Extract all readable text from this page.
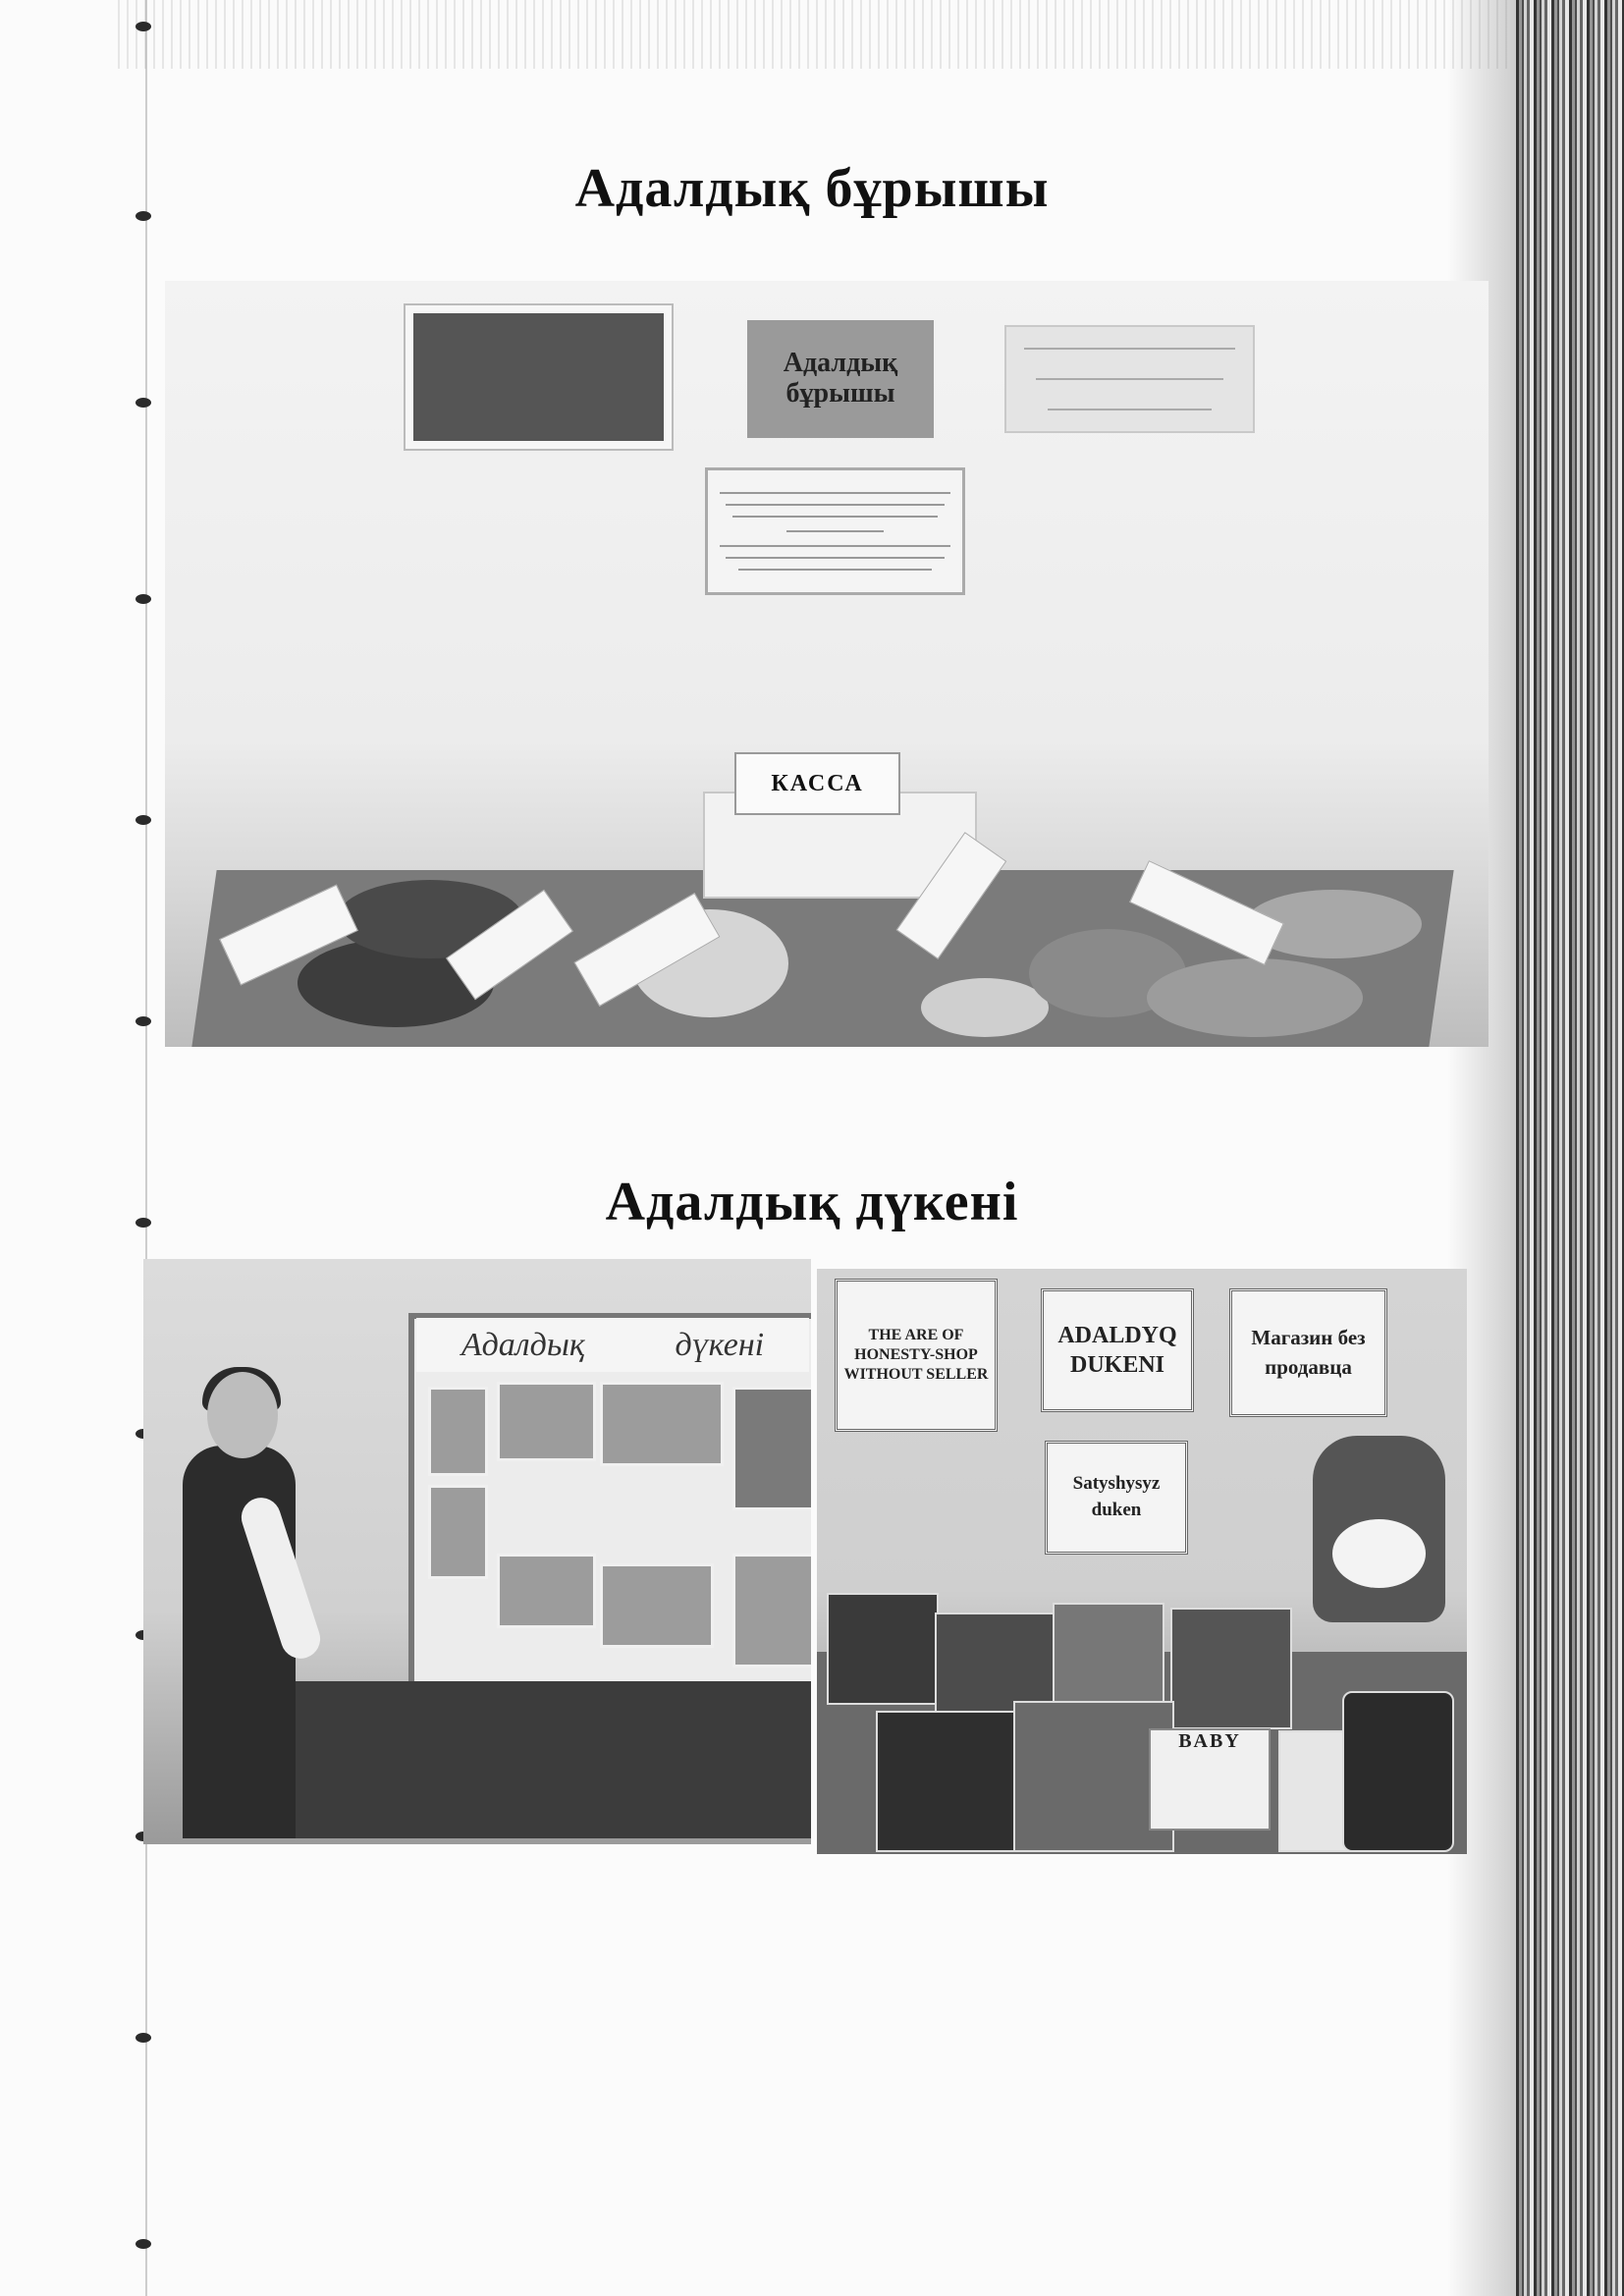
Адалдық бұрышы
Адалдық бұрышы
КАССА
Адалдық дүкені
Адалдық	дүкені	THE ARE OF HONESTY-SHOP WITHOUT SELLER
ADALDYQ DUKENI
Магазин без продавца
Satyshysyz duken
BABY
